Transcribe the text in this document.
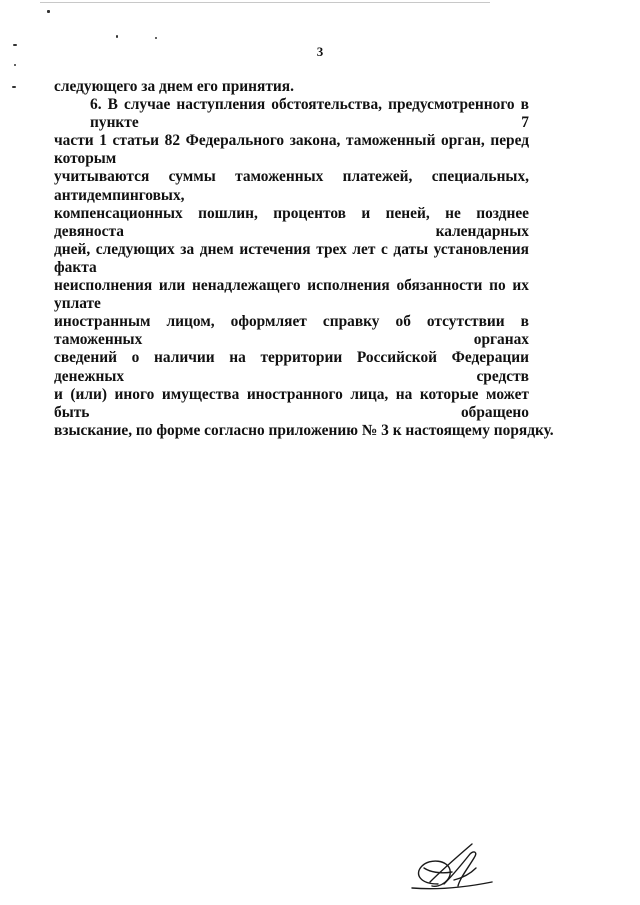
3
следующего за днем его принятия.
6. В случае наступления обстоятельства, предусмотренного в пункте 7
части 1 статьи 82 Федерального закона, таможенный орган, перед которым
учитываются суммы таможенных платежей, специальных, антидемпинговых,
компенсационных пошлин, процентов и пеней, не позднее девяноста календарных
дней, следующих за днем истечения трех лет с даты установления факта
неисполнения или ненадлежащего исполнения обязанности по их уплате
иностранным лицом, оформляет справку об отсутствии в таможенных органах
сведений о наличии на территории Российской Федерации денежных средств
и (или) иного имущества иностранного лица, на которые может быть обращено
взыскание, по форме согласно приложению № 3 к настоящему порядку.
